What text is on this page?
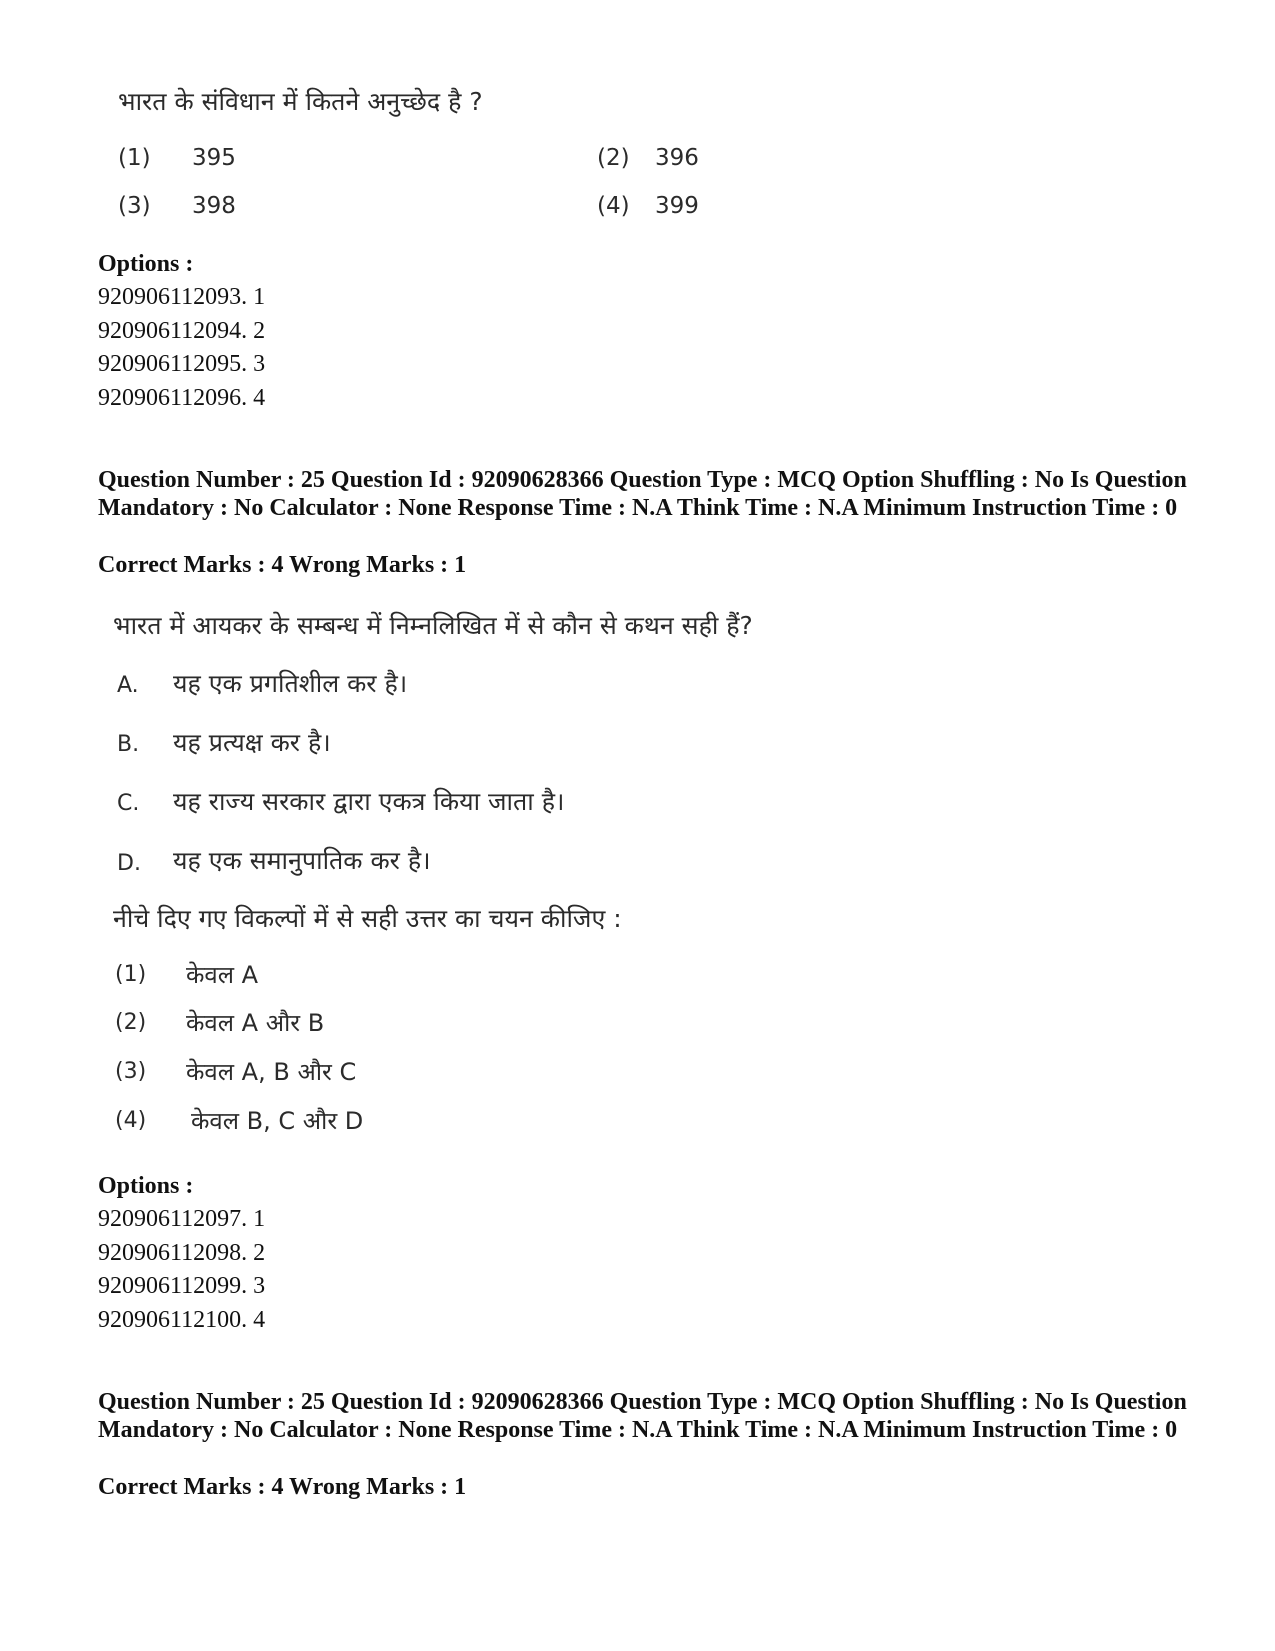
भारत के संविधान में कितने अनुच्छेद है ?
(1) 395	(2) 396
(3) 398	(4) 399
Options :
920906112093. 1
920906112094. 2
920906112095. 3
920906112096. 4
Question Number : 25 Question Id : 92090628366 Question Type : MCQ Option Shuffling : No Is Question Mandatory : No Calculator : None Response Time : N.A Think Time : N.A Minimum Instruction Time : 0
Correct Marks : 4 Wrong Marks : 1
भारत में आयकर के सम्बन्ध में निम्नलिखित में से कौन से कथन सही हैं?
A. यह एक प्रगतिशील कर है।
B. यह प्रत्यक्ष कर है।
C. यह राज्य सरकार द्वारा एकत्र किया जाता है।
D. यह एक समानुपातिक कर है।
नीचे दिए गए विकल्पों में से सही उत्तर का चयन कीजिए :
(1) केवल A
(2) केवल A और B
(3) केवल A, B और C
(4) केवल B, C और D
Options :
920906112097. 1
920906112098. 2
920906112099. 3
920906112100. 4
Question Number : 25 Question Id : 92090628366 Question Type : MCQ Option Shuffling : No Is Question Mandatory : No Calculator : None Response Time : N.A Think Time : N.A Minimum Instruction Time : 0
Correct Marks : 4 Wrong Marks : 1
